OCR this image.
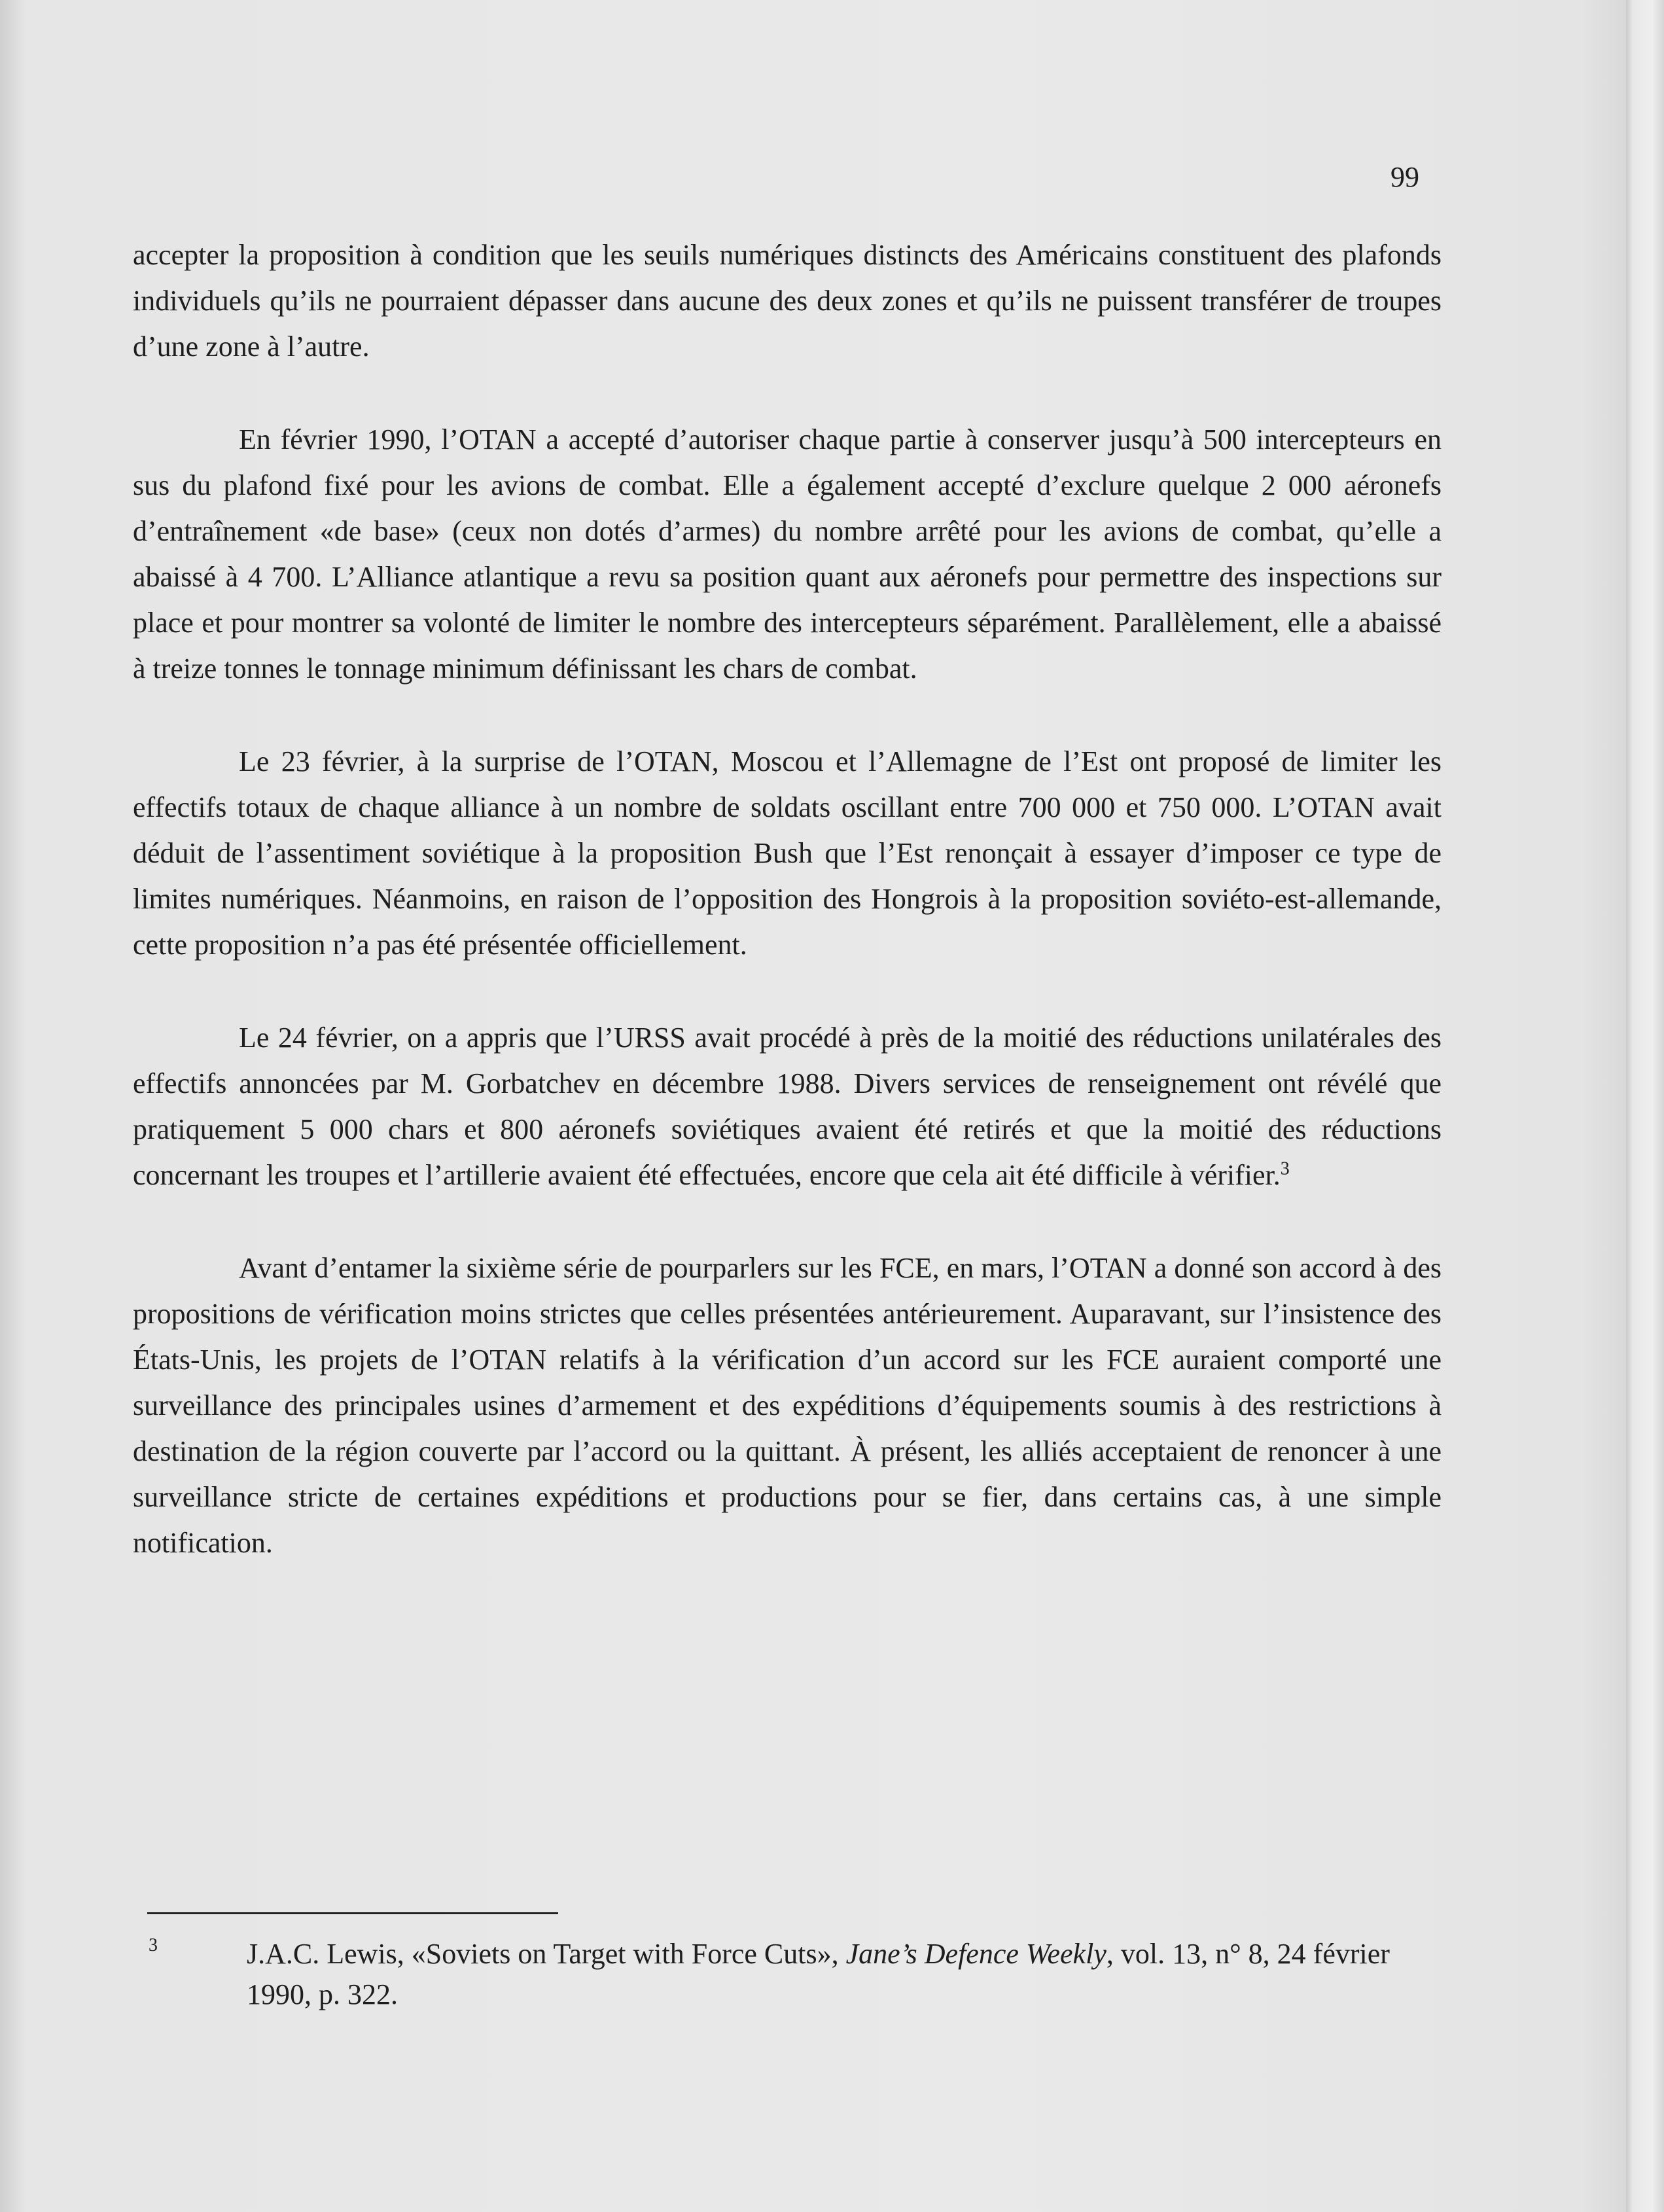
99

accepter la proposition à condition que les seuils numériques distincts des Américains constituent des plafonds individuels qu’ils ne pourraient dépasser dans aucune des deux zones et qu’ils ne puissent transférer de troupes d’une zone à l’autre.

En février 1990, l’OTAN a accepté d’autoriser chaque partie à conserver jusqu’à 500 intercepteurs en sus du plafond fixé pour les avions de combat. Elle a également accepté d’exclure quelque 2 000 aéronefs d’entraînement «de base» (ceux non dotés d’armes) du nombre arrêté pour les avions de combat, qu’elle a abaissé à 4 700. L’Alliance atlantique a revu sa position quant aux aéronefs pour permettre des inspections sur place et pour montrer sa volonté de limiter le nombre des intercepteurs séparément. Parallèlement, elle a abaissé à treize tonnes le tonnage minimum définissant les chars de combat.

Le 23 février, à la surprise de l’OTAN, Moscou et l’Allemagne de l’Est ont proposé de limiter les effectifs totaux de chaque alliance à un nombre de soldats oscillant entre 700 000 et 750 000. L’OTAN avait déduit de l’assentiment soviétique à la proposition Bush que l’Est renonçait à essayer d’imposer ce type de limites numériques. Néanmoins, en raison de l’opposition des Hongrois à la proposition soviéto-est-allemande, cette proposition n’a pas été présentée officiellement.

Le 24 février, on a appris que l’URSS avait procédé à près de la moitié des réductions unilatérales des effectifs annoncées par M. Gorbatchev en décembre 1988. Divers services de renseignement ont révélé que pratiquement 5 000 chars et 800 aéronefs soviétiques avaient été retirés et que la moitié des réductions concernant les troupes et l’artillerie avaient été effectuées, encore que cela ait été difficile à vérifier.$^3$

Avant d’entamer la sixième série de pourparlers sur les FCE, en mars, l’OTAN a donné son accord à des propositions de vérification moins strictes que celles présentées antérieurement. Auparavant, sur l’insistence des États-Unis, les projets de l’OTAN relatifs à la vérification d’un accord sur les FCE auraient comporté une surveillance des principales usines d’armement et des expéditions d’équipements soumis à des restrictions à destination de la région couverte par l’accord ou la quittant. À présent, les alliés acceptaient de renoncer à une surveillance stricte de certaines expéditions et productions pour se fier, dans certains cas, à une simple notification.

3	J.A.C. Lewis, «Soviets on Target with Force Cuts», Jane’s Defence Weekly, vol. 13, n° 8, 24 février 1990, p. 322.
